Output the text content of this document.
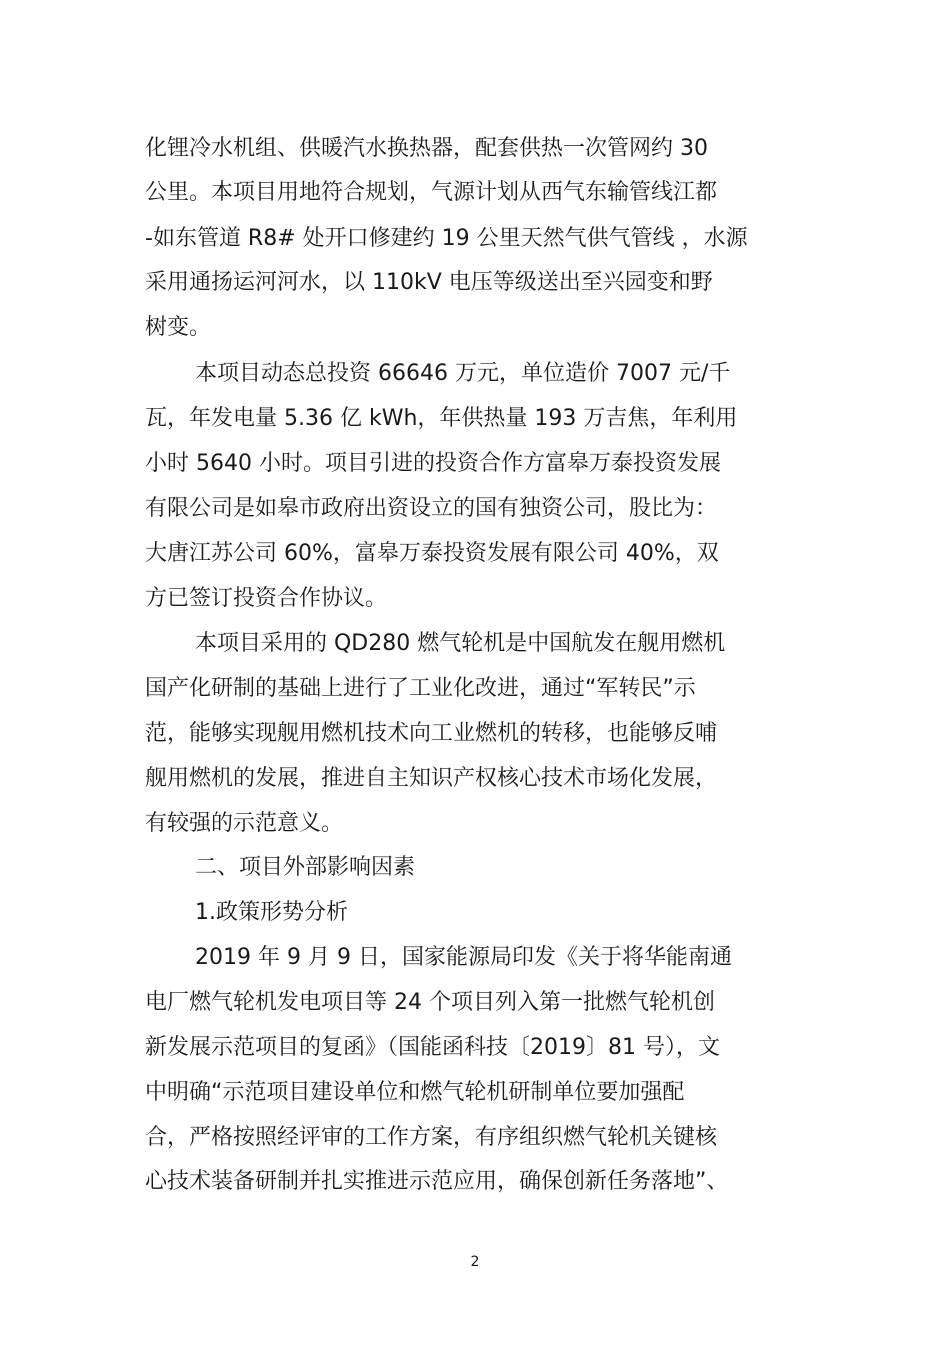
化锂冷水机组、供暖汽水换热器，配套供热一次管网约 30
公里。本项目用地符合规划，气源计划从西气东输管线江都
-如东管道 R8# 处开口修建约 19 公里天然气供气管线 ，水源
采用通扬运河河水，以 110kV 电压等级送出至兴园变和野
树变。
本项目动态总投资 66646 万元，单位造价 7007 元/千
瓦，年发电量 5.36 亿 kWh，年供热量 193 万吉焦，年利用
小时 5640 小时。项目引进的投资合作方富皋万泰投资发展
有限公司是如皋市政府出资设立的国有独资公司，股比为：
大唐江苏公司 60%，富皋万泰投资发展有限公司 40%，双
方已签订投资合作协议。
本项目采用的 QD280 燃气轮机是中国航发在舰用燃机
国产化研制的基础上进行了工业化改进，通过“军转民”示
范，能够实现舰用燃机技术向工业燃机的转移，也能够反哺
舰用燃机的发展，推进自主知识产权核心技术市场化发展，
有较强的示范意义。
二、项目外部影响因素
1.政策形势分析
2019 年 9 月 9 日，国家能源局印发《关于将华能南通
电厂燃气轮机发电项目等 24 个项目列入第一批燃气轮机创
新发展示范项目的复函》（国能函科技〔2019〕81 号），文
中明确“示范项目建设单位和燃气轮机研制单位要加强配
合，严格按照经评审的工作方案，有序组织燃气轮机关键核
心技术装备研制并扎实推进示范应用，确保创新任务落地”、
2
